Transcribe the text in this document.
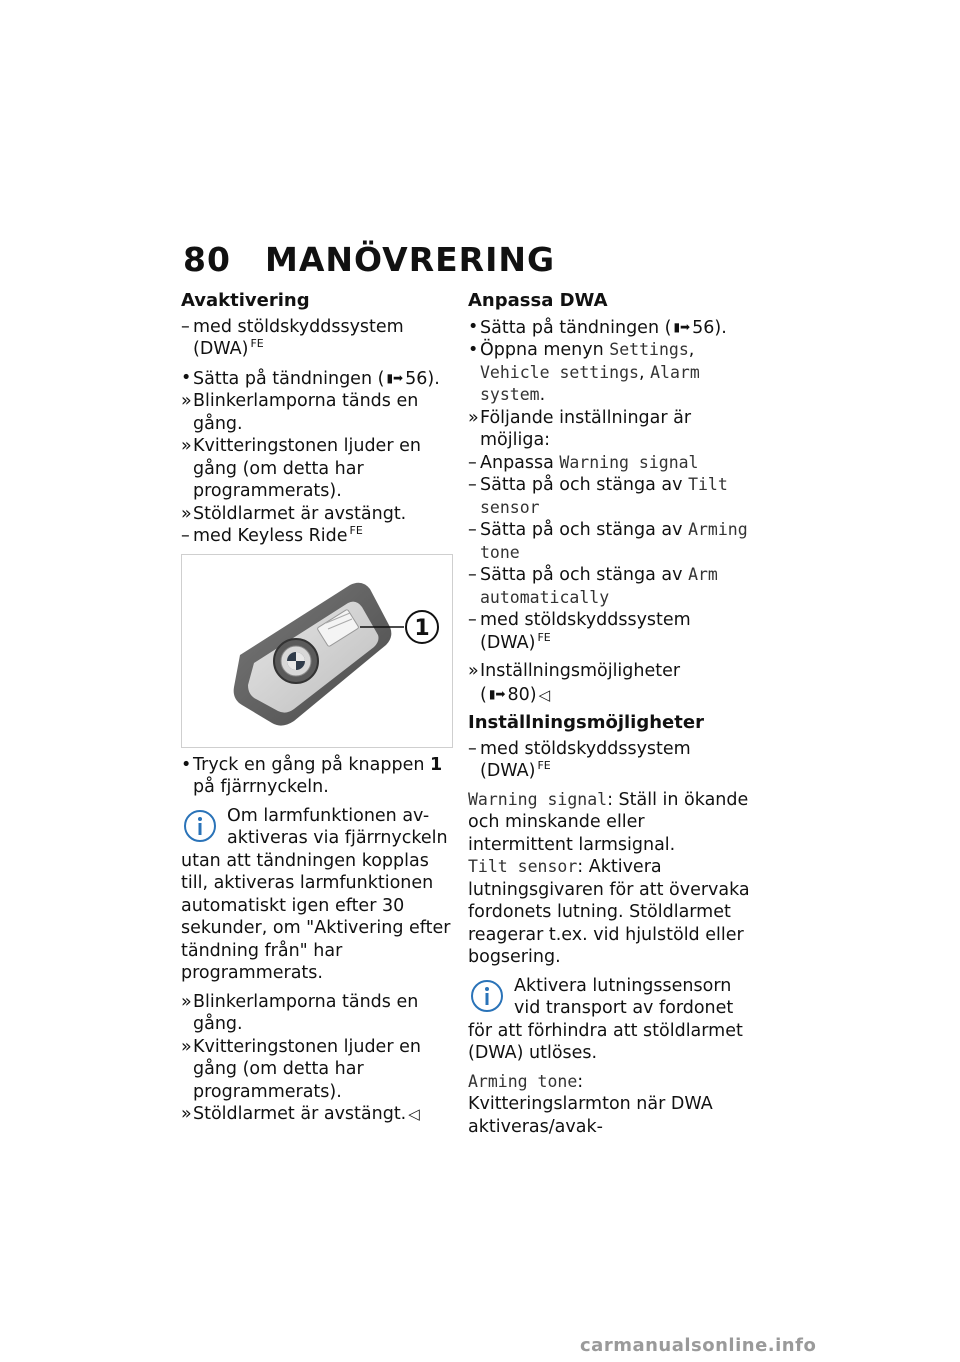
80 MANÖVRERING
Avaktivering
– med stöldskyddssystem (DWA) $^{FE}$
• Sätta på tändningen ( ▮➡ 56).
» Blinkerlamporna tänds en gång.
» Kvitteringstonen ljuder en gång (om detta har programmerats).
» Stöldlarmet är avstängt.
– med Keyless Ride $^{FE}$
1
• Tryck en gång på knappen 1 på fjärrnyckeln.
Om larmfunktionen av-
aktiveras via fjärrnyckeln
utan att tändningen kopplas till, aktiveras larmfunktionen automatiskt igen efter 30 sekunder, om "Aktivering efter tändning från" har programmerats.
» Blinkerlamporna tänds en gång.
» Kvitteringstonen ljuder en gång (om detta har programmerats).
» Stöldlarmet är avstängt. ◁
Anpassa DWA
• Sätta på tändningen ( ▮➡ 56).
• Öppna menyn Settings, Vehicle settings, Alarm system.
» Följande inställningar är möjliga:
– Anpassa Warning signal
– Sätta på och stänga av Tilt sensor
– Sätta på och stänga av Arming tone
– Sätta på och stänga av Arm automatically
– med stöldskyddssystem (DWA) $^{FE}$
» Inställningsmöjligheter
( ▮➡ 80) ◁
Inställningsmöjligheter
– med stöldskyddssystem (DWA) $^{FE}$

Warning signal: Ställ in ökande och minskande eller intermittent larmsignal.

Tilt sensor: Aktivera lutningsgivaren för att övervaka fordonets lutning. Stöldlarmet reagerar t.ex. vid hjulstöld eller bogsering.

Aktivera lutningssensorn
vid transport av fordonet
för att förhindra att stöldlarmet (DWA) utlöses.

Arming tone: Kvitteringslarmton när DWA aktiveras/avak-

carmanualsonline.info
